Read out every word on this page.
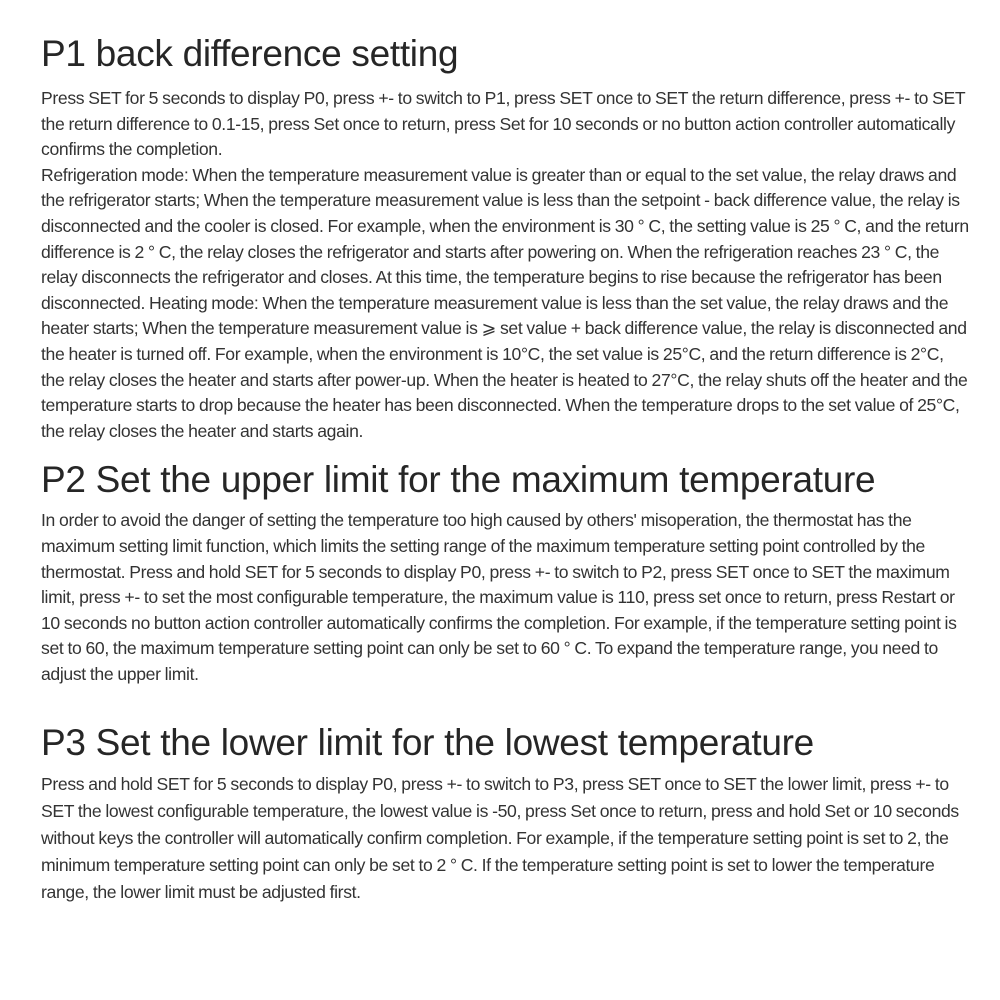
P1 back difference setting

Press SET for 5 seconds to display P0, press +- to switch to P1, press SET once to SET the return difference, press +- to SET the return difference to 0.1-15, press Set once to return, press Set for 10 seconds or no button action controller automatically confirms the completion.

Refrigeration mode: When the temperature measurement value is greater than or equal to the set value, the relay draws and the refrigerator starts; When the temperature measurement value is less than the setpoint - back difference value, the relay is disconnected and the cooler is closed. For example, when the environment is 30 ° C, the setting value is 25 ° C, and the return difference is 2 ° C, the relay closes the refrigerator and starts after powering on. When the refrigeration reaches 23 ° C, the relay disconnects the refrigerator and closes. At this time, the temperature begins to rise because the refrigerator has been disconnected. Heating mode: When the temperature measurement value is less than the set value, the relay draws and the heater starts; When the temperature measurement value is ⩾ set value + back difference value, the relay is disconnected and the heater is turned off. For example, when the environment is 10°C, the set value is 25°C, and the return difference is 2°C, the relay closes the heater and starts after power-up. When the heater is heated to 27°C, the relay shuts off the heater and the temperature starts to drop because the heater has been disconnected. When the temperature drops to the set value of 25°C, the relay closes the heater and starts again.

P2 Set the upper limit for the maximum temperature

In order to avoid the danger of setting the temperature too high caused by others' misoperation, the thermostat has the maximum setting limit function, which limits the setting range of the maximum temperature setting point controlled by the thermostat. Press and hold SET for 5 seconds to display P0, press +- to switch to P2, press SET once to SET the maximum limit, press +- to set the most configurable temperature, the maximum value is 110, press set once to return, press Restart or 10 seconds no button action controller automatically confirms the completion. For example, if the temperature setting point is set to 60, the maximum temperature setting point can only be set to 60 ° C. To expand the temperature range, you need to adjust the upper limit.

P3 Set the lower limit for the lowest temperature

Press and hold SET for 5 seconds to display P0, press +- to switch to P3, press SET once to SET the lower limit, press +- to SET the lowest configurable temperature, the lowest value is -50, press Set once to return, press and hold Set or 10 seconds without keys the controller will automatically confirm completion. For example, if the temperature setting point is set to 2, the minimum temperature setting point can only be set to 2 ° C. If the temperature setting point is set to lower the temperature range, the lower limit must be adjusted first.
